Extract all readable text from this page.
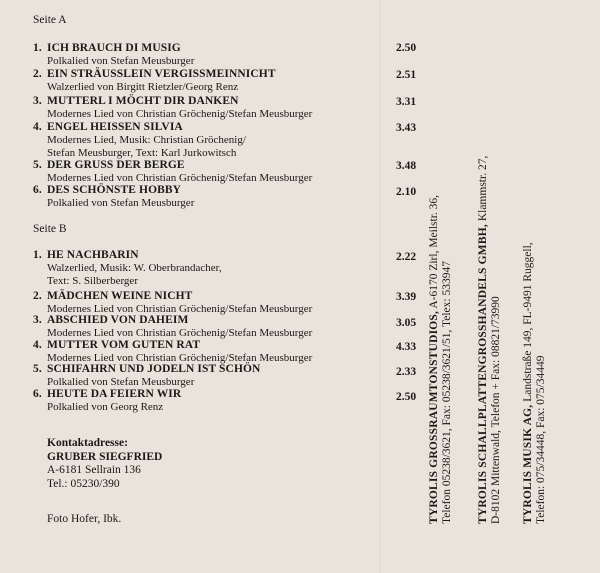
Seite A
1. ICH BRAUCH DI MUSIG
Polkalied von Stefan Meusburger
2.50
2. EIN STRÄUSSLEIN VERGISSMEINNICHT
Walzerlied von Birgitt Rietzler/Georg Renz
2.51
3. MUTTERL I MÖCHT DIR DANKEN
Modernes Lied von Christian Gröchenig/Stefan Meusburger
3.31
4. ENGEL HEISSEN SILVIA
Modernes Lied, Musik: Christian Gröchenig/
Stefan Meusburger, Text: Karl Jurkowitsch
3.43
5. DER GRUSS DER BERGE
Modernes Lied von Christian Gröchenig/Stefan Meusburger
3.48
6. DES SCHÖNSTE HOBBY
Polkalied von Stefan Meusburger
2.10
Seite B
1. HE NACHBARIN
Walzerlied, Musik: W. Oberbrandacher,
Text: S. Silberberger
2.22
2. MÄDCHEN WEINE NICHT
Modernes Lied von Christian Gröchenig/Stefan Meusburger
3.39
3. ABSCHIED VON DAHEIM
Modernes Lied von Christian Gröchenig/Stefan Meusburger
3.05
4. MUTTER VOM GUTEN RAT
Modernes Lied von Christian Gröchenig/Stefan Meusburger
4.33
5. SCHIFAHRN UND JODELN IST SCHÖN
Polkalied von Stefan Meusburger
2.33
6. HEUTE DA FEIERN WIR
Polkalied von Georg Renz
2.50
Kontaktadresse:
GRUBER SIEGFRIED
A-6181 Sellrain 136
Tel.: 05230/390
Foto Hofer, Ibk.	TYROLIS GROSSRAUMTONSTUDIOS, A-6170 Zirl, Meilstr. 36,
Telefon 05238/3621, Fax: 05238/3621/51, Telex: 533947 TYROLIS SCHALLPLATTENGROSSHANDELS GMBH, Klammstr. 27,
D-8102 Mittenwald, Telefon + Fax: 08821/73990 TYROLIS MUSIK AG, Landstraße 149, FL-9491 Ruggell,
Telefon: 075/34448, Fax: 075/34449
